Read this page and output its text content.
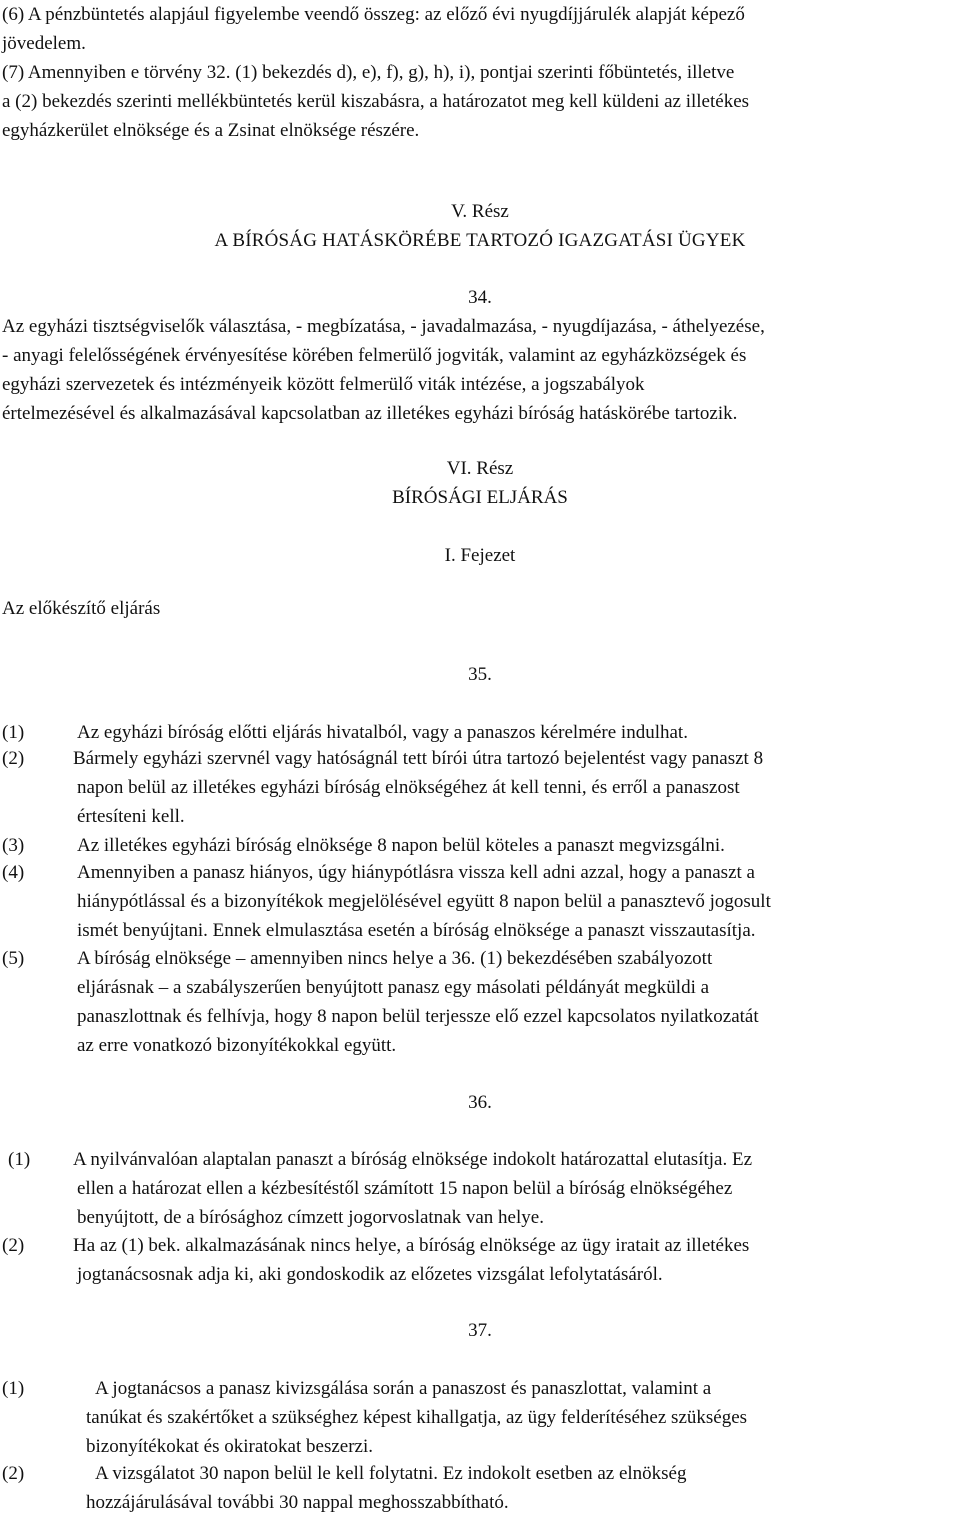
(6) A pénzbüntetés alapjául figyelembe veendő összeg: az előző évi nyugdíjjárulék alapját képező
jövedelem.
(7) Amennyiben e törvény 32. (1) bekezdés d), e), f), g), h), i), pontjai szerinti főbüntetés, illetve
a (2) bekezdés szerinti mellékbüntetés kerül kiszabásra, a határozatot meg kell küldeni az illetékes
egyházkerület elnöksége és a Zsinat elnöksége részére.
V. Rész
A BÍRÓSÁG HATÁSKÖRÉBE TARTOZÓ IGAZGATÁSI ÜGYEK
34.
Az egyházi tisztségviselők választása, - megbízatása, - javadalmazása, - nyugdíjazása, - áthelyezése,
- anyagi felelősségének érvényesítése körében felmerülő jogviták, valamint az egyházközségek és
egyházi szervezetek és intézményeik között felmerülő viták intézése, a jogszabályok
értelmezésével és alkalmazásával kapcsolatban az illetékes egyházi bíróság hatáskörébe tartozik.
VI. Rész
BÍRÓSÁGI ELJÁRÁS
I. Fejezet
Az előkészítő eljárás
35.
(1)	Az egyházi bíróság előtti eljárás hivatalból, vagy a panaszos kérelmére indulhat.
(2)	Bármely egyházi szervnél vagy hatóságnál tett bírói útra tartozó bejelentést vagy panaszt 8
napon belül az illetékes egyházi bíróság elnökségéhez át kell tenni, és erről a panaszost
értesíteni kell.
(3)	Az illetékes egyházi bíróság elnöksége 8 napon belül köteles a panaszt megvizsgálni.
(4)	Amennyiben a panasz hiányos, úgy hiánypótlásra vissza kell adni azzal, hogy a panaszt a
hiánypótlással és a bizonyítékok megjelölésével együtt 8 napon belül a panasztevő jogosult
ismét benyújtani. Ennek elmulasztása esetén a bíróság elnöksége a panaszt visszautasítja.
(5)	A bíróság elnöksége – amennyiben nincs helye a 36. (1) bekezdésében szabályozott
eljárásnak – a szabályszerűen benyújtott panasz egy másolati példányát megküldi a
panaszlottnak és felhívja, hogy 8 napon belül terjessze elő ezzel kapcsolatos nyilatkozatát
az erre vonatkozó bizonyítékokkal együtt.
36.
(1) A nyilvánvalóan alaptalan panaszt a bíróság elnöksége indokolt határozattal elutasítja. Ez
ellen a határozat ellen a kézbesítéstől számított 15 napon belül a bíróság elnökségéhez
benyújtott, de a bírósághoz címzett jogorvoslatnak van helye.
(2)	Ha az (1) bek. alkalmazásának nincs helye, a bíróság elnöksége az ügy iratait az illetékes
jogtanácsosnak adja ki, aki gondoskodik az előzetes vizsgálat lefolytatásáról.
37.
(1)	A jogtanácsos a panasz kivizsgálása során a panaszost és panaszlottat, valamint a
tanúkat és szakértőket a szükséghez képest kihallgatja, az ügy felderítéséhez szükséges
bizonyítékokat és okiratokat beszerzi.
(2)	A vizsgálatot 30 napon belül le kell folytatni. Ez indokolt esetben az elnökség
hozzájárulásával további 30 nappal meghosszabbítható.
